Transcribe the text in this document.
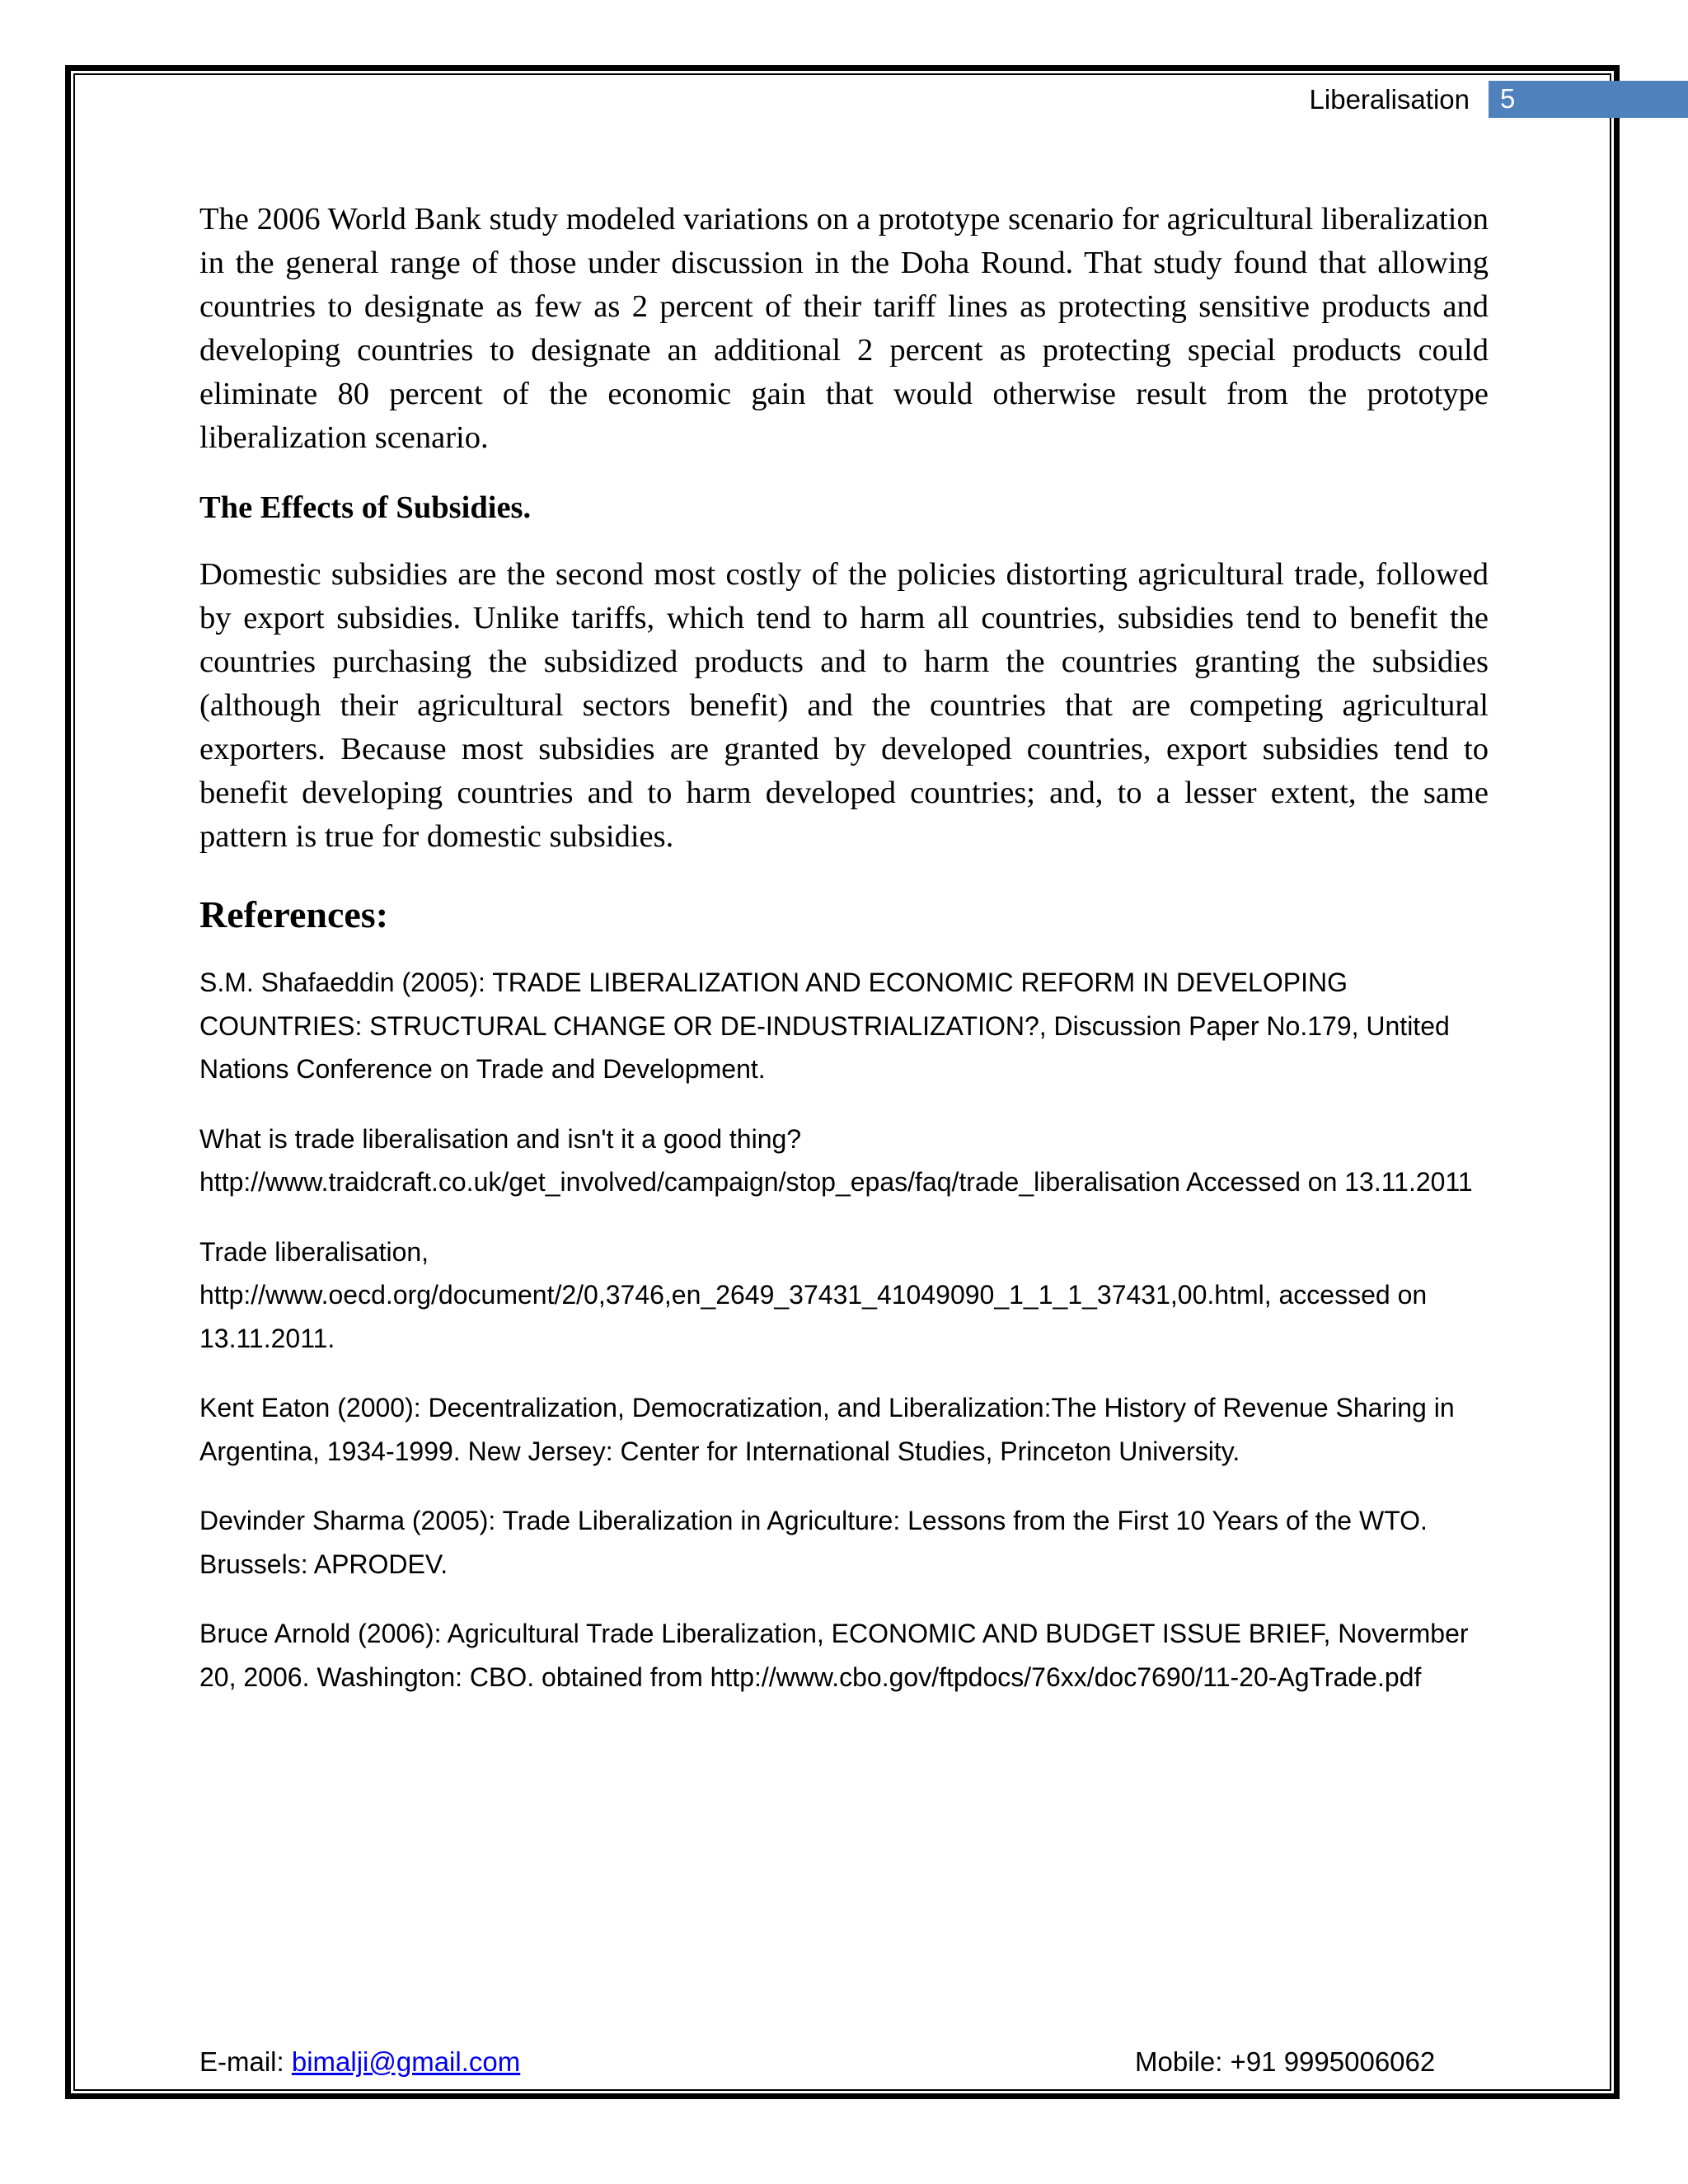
Liberalisation 5

The 2006 World Bank study modeled variations on a prototype scenario for agricultural liberalization in the general range of those under discussion in the Doha Round. That study found that allowing countries to designate as few as 2 percent of their tariff lines as protecting sensitive products and developing countries to designate an additional 2 percent as protecting special products could eliminate 80 percent of the economic gain that would otherwise result from the prototype liberalization scenario.

The Effects of Subsidies.

Domestic subsidies are the second most costly of the policies distorting agricultural trade, followed by export subsidies. Unlike tariffs, which tend to harm all countries, subsidies tend to benefit the countries purchasing the subsidized products and to harm the countries granting the subsidies (although their agricultural sectors benefit) and the countries that are competing agricultural exporters. Because most subsidies are granted by developed countries, export subsidies tend to benefit developing countries and to harm developed countries; and, to a lesser extent, the same pattern is true for domestic subsidies.

References:

S.M. Shafaeddin (2005): TRADE LIBERALIZATION AND ECONOMIC REFORM IN DEVELOPING COUNTRIES: STRUCTURAL CHANGE OR DE-INDUSTRIALIZATION?, Discussion Paper No.179, Untited Nations Conference on Trade and Development.

What is trade liberalisation and isn't it a good thing? http://www.traidcraft.co.uk/get_involved/campaign/stop_epas/faq/trade_liberalisation Accessed on 13.11.2011

Trade liberalisation, http://www.oecd.org/document/2/0,3746,en_2649_37431_41049090_1_1_1_37431,00.html, accessed on 13.11.2011.

Kent Eaton (2000): Decentralization, Democratization, and Liberalization:The History of Revenue Sharing in Argentina, 1934-1999. New Jersey: Center for International Studies, Princeton University.

Devinder Sharma (2005): Trade Liberalization in Agriculture: Lessons from the First 10 Years of the WTO. Brussels: APRODEV.

Bruce Arnold (2006): Agricultural Trade Liberalization, ECONOMIC AND BUDGET ISSUE BRIEF, Novermber 20, 2006. Washington: CBO. obtained from http://www.cbo.gov/ftpdocs/76xx/doc7690/11-20-AgTrade.pdf

E-mail: bimalji@gmail.com	Mobile: +91 9995006062
